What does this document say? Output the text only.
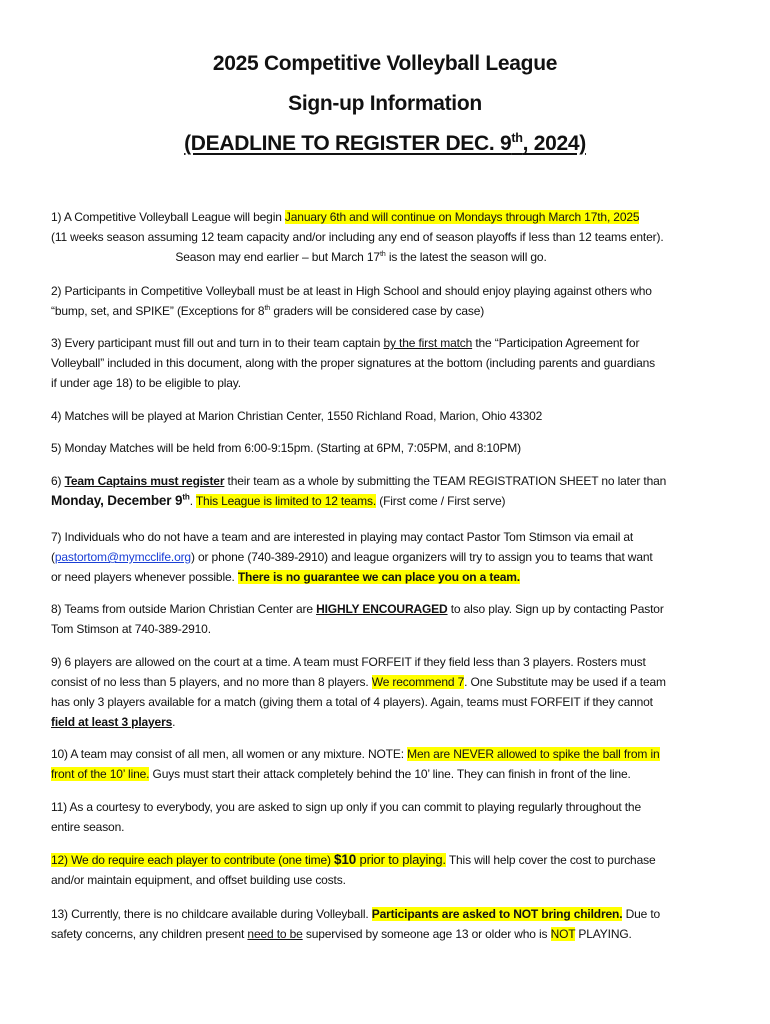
2025 Competitive Volleyball League
Sign-up Information
(DEADLINE TO REGISTER DEC. 9th, 2024)
1) A Competitive Volleyball League will begin January 6th and will continue on Mondays through March 17th, 2025
(11 weeks season assuming 12 team capacity and/or including any end of season playoffs if less than 12 teams enter).
Season may end earlier – but March 17th is the latest the season will go.
2) Participants in Competitive Volleyball must be at least in High School and should enjoy playing against others who
“bump, set, and SPIKE” (Exceptions for 8th graders will be considered case by case)
3) Every participant must fill out and turn in to their team captain by the first match the “Participation Agreement for
Volleyball” included in this document, along with the proper signatures at the bottom (including parents and guardians
if under age 18) to be eligible to play.
4) Matches will be played at Marion Christian Center, 1550 Richland Road, Marion, Ohio 43302
5) Monday Matches will be held from 6:00-9:15pm. (Starting at 6PM, 7:05PM, and 8:10PM)
6) Team Captains must register their team as a whole by submitting the TEAM REGISTRATION SHEET no later than
Monday, December 9th. This League is limited to 12 teams. (First come / First serve)
7) Individuals who do not have a team and are interested in playing may contact Pastor Tom Stimson via email at
(pastortom@mymcclife.org) or phone (740-389-2910) and league organizers will try to assign you to teams that want
or need players whenever possible. There is no guarantee we can place you on a team.
8) Teams from outside Marion Christian Center are HIGHLY ENCOURAGED to also play. Sign up by contacting Pastor
Tom Stimson at 740-389-2910.
9) 6 players are allowed on the court at a time. A team must FORFEIT if they field less than 3 players. Rosters must
consist of no less than 5 players, and no more than 8 players. We recommend 7. One Substitute may be used if a team
has only 3 players available for a match (giving them a total of 4 players). Again, teams must FORFEIT if they cannot
field at least 3 players.
10) A team may consist of all men, all women or any mixture. NOTE: Men are NEVER allowed to spike the ball from in
front of the 10’ line. Guys must start their attack completely behind the 10’ line. They can finish in front of the line.
11) As a courtesy to everybody, you are asked to sign up only if you can commit to playing regularly throughout the
entire season.
12) We do require each player to contribute (one time) $10 prior to playing. This will help cover the cost to purchase
and/or maintain equipment, and offset building use costs.
13) Currently, there is no childcare available during Volleyball. Participants are asked to NOT bring children. Due to
safety concerns, any children present need to be supervised by someone age 13 or older who is NOT PLAYING.
